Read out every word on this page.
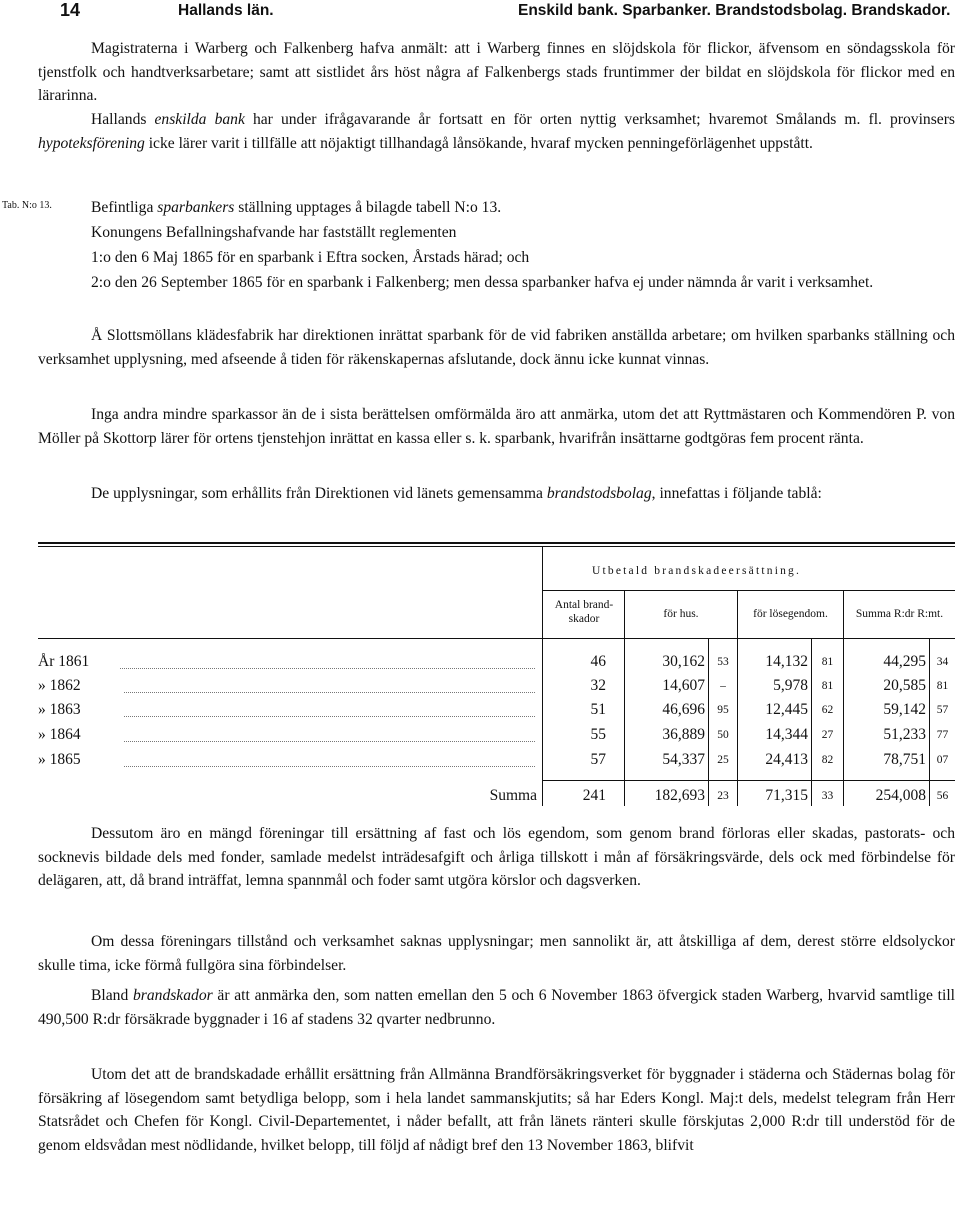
14	Hallands län.	Enskild bank. Sparbanker. Brandstodsbolag. Brandskador.

Magistraterna i Warberg och Falkenberg hafva anmält: att i Warberg finnes en slöjdskola för flickor, äfvensom en söndagsskola för tjenstfolk och handtverksarbetare; samt att sistlidet års höst några af Falkenbergs stads fruntimmer der bildat en slöjdskola för flickor med en lärarinna.

Hallands enskilda bank har under ifrågavarande år fortsatt en för orten nyttig verksamhet; hvaremot Smålands m. fl. provinsers hypoteksförening icke lärer varit i tillfälle att nöjaktigt tillhandagå lånsökande, hvaraf mycken penningeförlägenhet uppstått.

Tab. N:o 13.	Befintliga sparbankers ställning upptages å bilagde tabell N:o 13.

Konungens Befallningshafvande har fastställt reglementen

1:o den 6 Maj 1865 för en sparbank i Eftra socken, Årstads härad; och

2:o den 26 September 1865 för en sparbank i Falkenberg; men dessa sparbanker hafva ej under nämnda år varit i verksamhet.

Å Slottsmöllans klädesfabrik har direktionen inrättat sparbank för de vid fabriken anställda arbetare; om hvilken sparbanks ställning och verksamhet upplysning, med afseende å tiden för räkenskapernas afslutande, dock ännu icke kunnat vinnas.

Inga andra mindre sparkassor än de i sista berättelsen omförmälda äro att anmärka, utom det att Ryttmästaren och Kommendören P. von Möller på Skottorp lärer för ortens tjenstehjon inrättat en kassa eller s. k. sparbank, hvarifrån insättarne godtgöras fem procent ränta.

De upplysningar, som erhållits från Direktionen vid länets gemensamma brandstodsbolag, innefattas i följande tablå:

Utbetald brandskadeersättning.
Antal brand-skador	för hus.	för lösegendom.	Summa R:dr R:mt.
År 1861	46	30,162	53	14,132	81	44,295 34
» 1862	32	14,607	–	5,978	81	20,585 81
» 1863	51	46,696	95	12,445	62	59,142 57
» 1864	55	36,889	50	14,344	27	51,233 77
» 1865	57	54,337	25	24,413	82	78,751 07
Summa	241	182,693	23	71,315	33	254,008 56

Dessutom äro en mängd föreningar till ersättning af fast och lös egendom, som genom brand förloras eller skadas, pastorats- och socknevis bildade dels med fonder, samlade medelst inträdesafgift och årliga tillskott i mån af försäkringsvärde, dels ock med förbindelse för delägaren, att, då brand inträffat, lemna spannmål och foder samt utgöra körslor och dagsverken.

Om dessa föreningars tillstånd och verksamhet saknas upplysningar; men sannolikt är, att åtskilliga af dem, derest större eldsolyckor skulle tima, icke förmå fullgöra sina förbindelser.

Bland brandskador är att anmärka den, som natten emellan den 5 och 6 November 1863 öfvergick staden Warberg, hvarvid samtlige till 490,500 R:dr försäkrade byggnader i 16 af stadens 32 qvarter nedbrunno.

Utom det att de brandskadade erhållit ersättning från Allmänna Brandförsäkringsverket för byggnader i städerna och Städernas bolag för försäkring af lösegendom samt betydliga belopp, som i hela landet sammanskjutits; så har Eders Kongl. Maj:t dels, medelst telegram från Herr Statsrådet och Chefen för Kongl. Civil-Departementet, i nåder befallt, att från länets ränteri skulle förskjutas 2,000 R:dr till understöd för de genom eldsvådan mest nödlidande, hvilket belopp, till följd af nådigt bref den 13 November 1863, blifvit
